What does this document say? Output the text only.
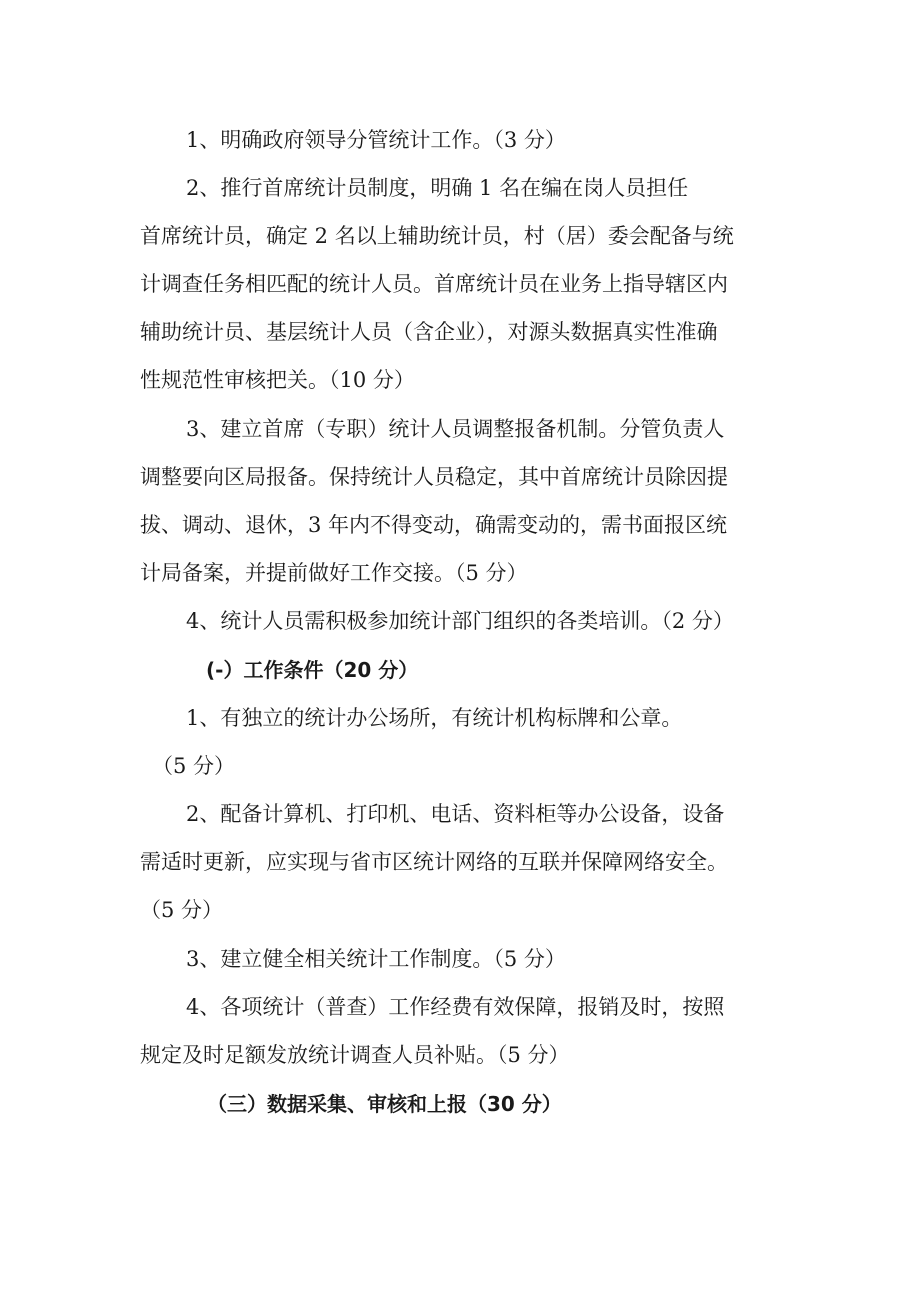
1、明确政府领导分管统计工作。（3 分）
2、推行首席统计员制度，明确 1 名在编在岗人员担任
首席统计员，确定 2 名以上辅助统计员，村（居）委会配备与统
计调查任务相匹配的统计人员。首席统计员在业务上指导辖区内
辅助统计员、基层统计人员（含企业），对源头数据真实性准确
性规范性审核把关。（10 分）
3、建立首席（专职）统计人员调整报备机制。分管负责人
调整要向区局报备。保持统计人员稳定，其中首席统计员除因提
拔、调动、退休，3 年内不得变动，确需变动的，需书面报区统
计局备案，并提前做好工作交接。（5 分）
4、统计人员需积极参加统计部门组织的各类培训。（2 分）
(-）工作条件（20 分）
1、有独立的统计办公场所，有统计机构标牌和公章。
（5 分）
2、配备计算机、打印机、电话、资料柜等办公设备，设备
需适时更新，应实现与省市区统计网络的互联并保障网络安全。
（5 分）
3、建立健全相关统计工作制度。（5 分）
4、各项统计（普查）工作经费有效保障，报销及时，按照
规定及时足额发放统计调查人员补贴。（5 分）
（三）数据采集、审核和上报（30 分）
